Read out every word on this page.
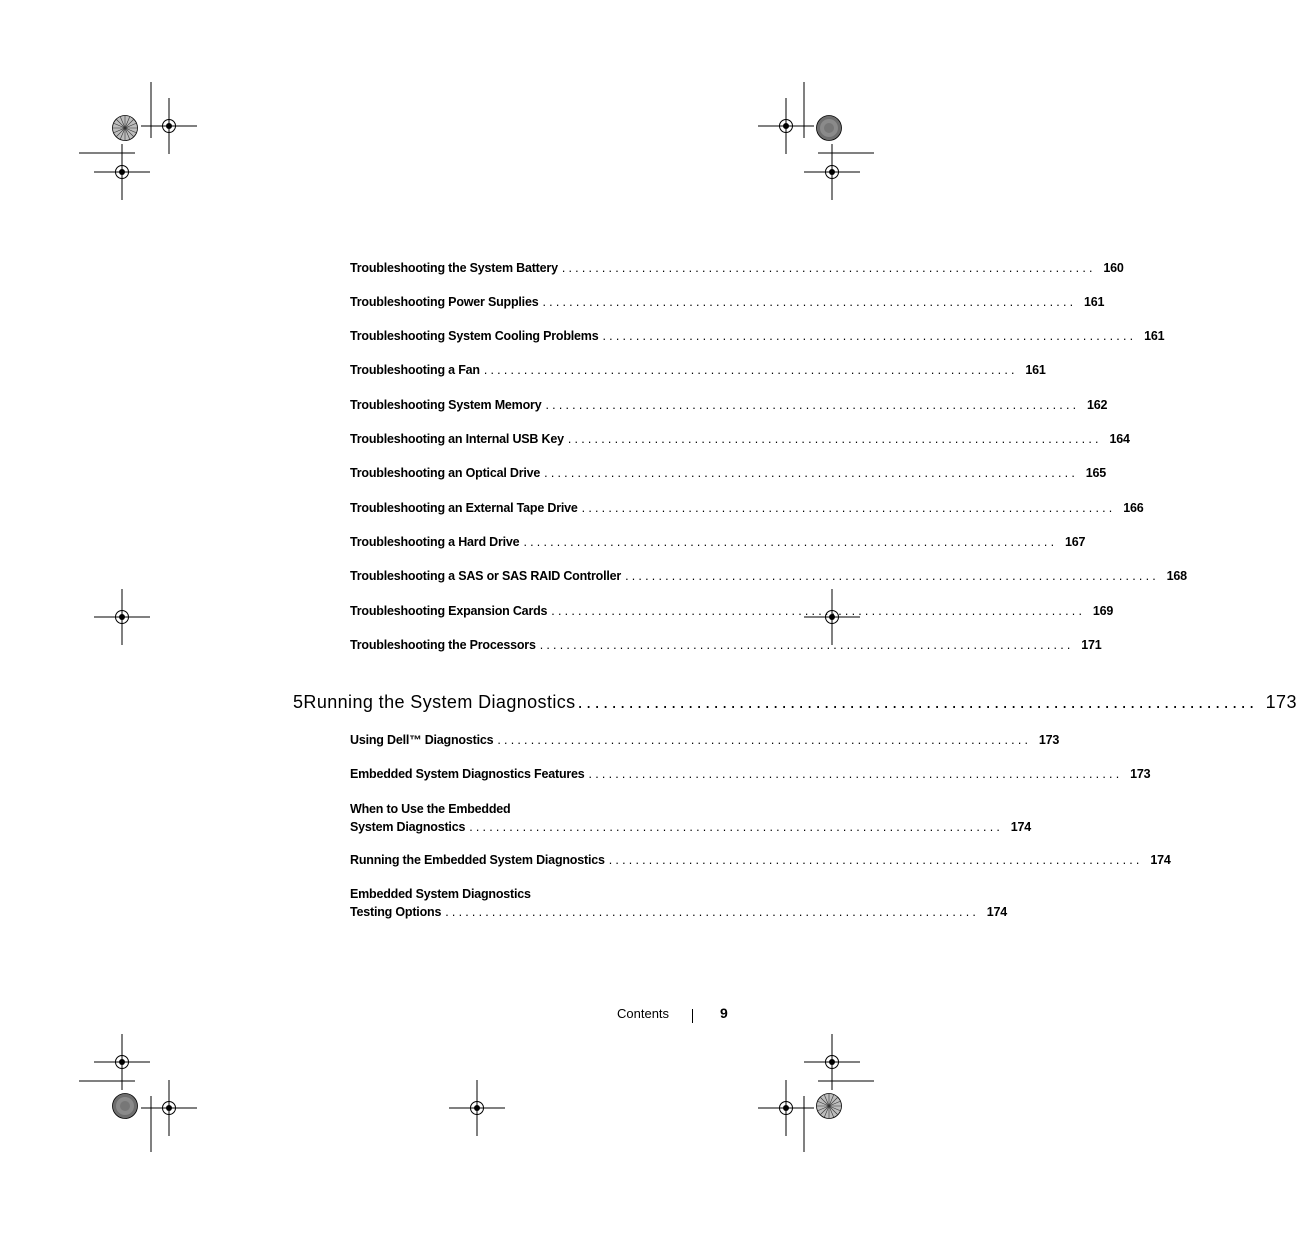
Troubleshooting the System Battery ................................................................................ 160
Troubleshooting Power Supplies ................................................................................ 161
Troubleshooting System Cooling Problems ................................................................................ 161
Troubleshooting a Fan ................................................................................ 161
Troubleshooting System Memory ................................................................................ 162
Troubleshooting an Internal USB Key ................................................................................ 164
Troubleshooting an Optical Drive ................................................................................ 165
Troubleshooting an External Tape Drive ................................................................................ 166
Troubleshooting a Hard Drive ................................................................................ 167
Troubleshooting a SAS or SAS RAID Controller ................................................................................ 168
Troubleshooting Expansion Cards ................................................................................ 169
Troubleshooting the Processors ................................................................................ 171
5 Running the System Diagnostics ................................................................................ 173
Using Dell™ Diagnostics ................................................................................ 173
Embedded System Diagnostics Features ................................................................................ 173
When to Use the Embedded
System Diagnostics ................................................................................ 174
Running the Embedded System Diagnostics ................................................................................ 174
Embedded System Diagnostics
Testing Options ................................................................................ 174
Contents	9
